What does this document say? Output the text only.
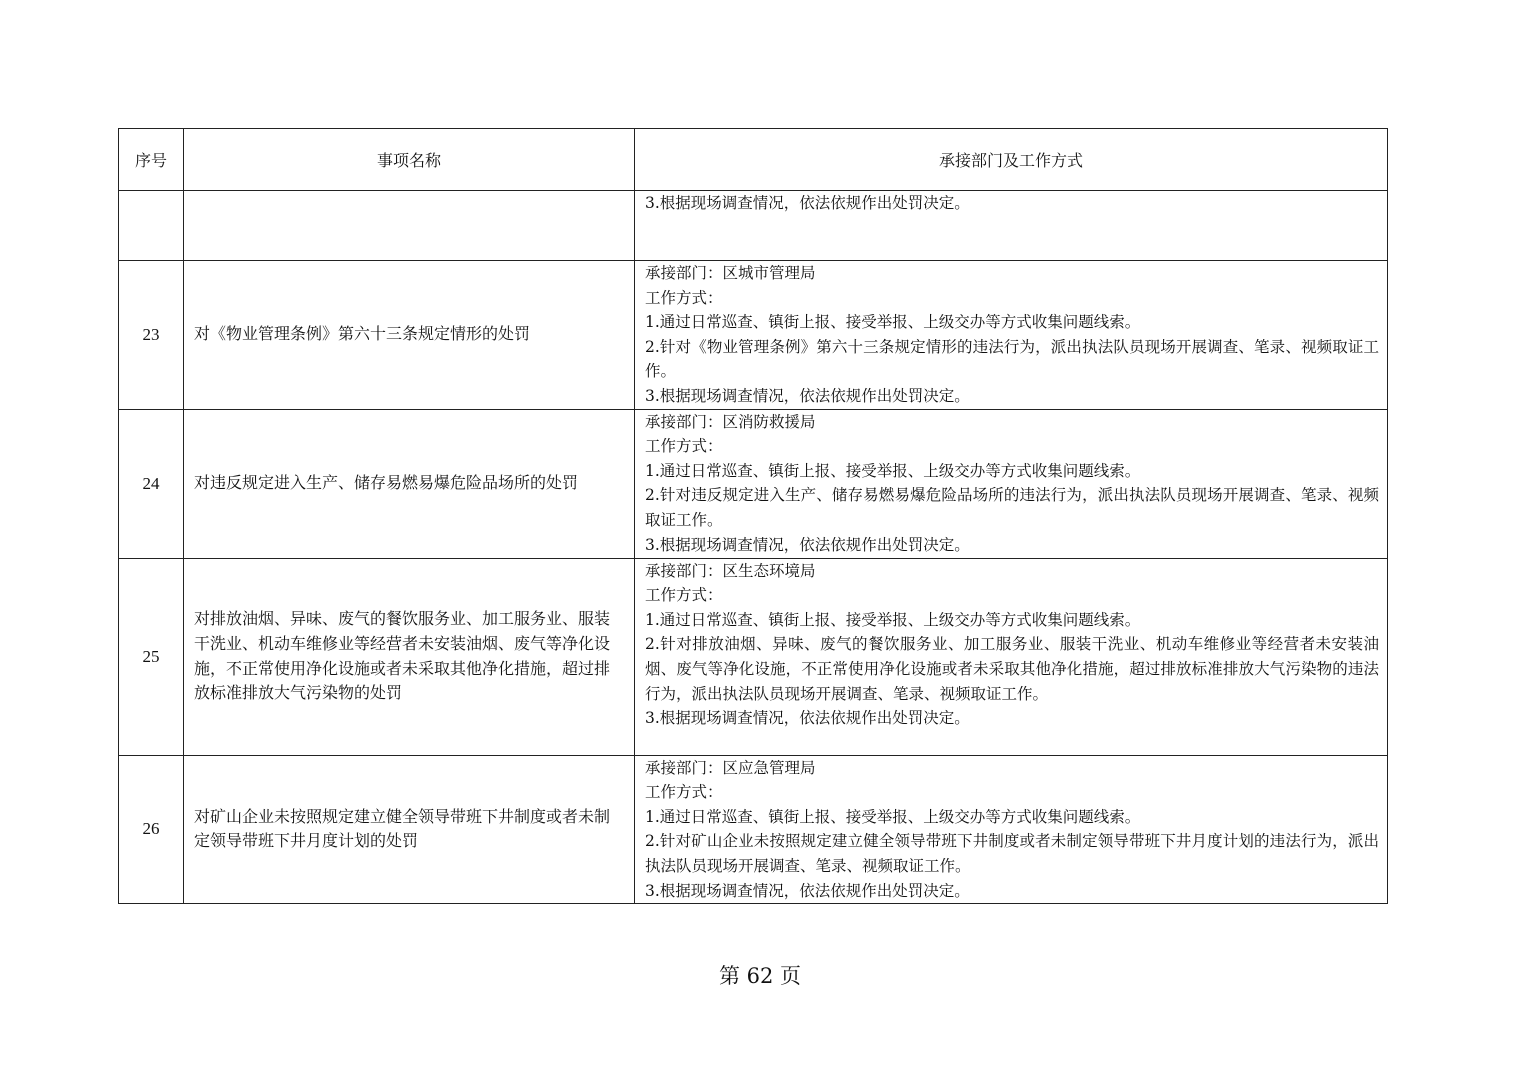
序号	事项名称	承接部门及工作方式

		3.根据现场调查情况，依法依规作出处罚决定。

23	对《物业管理条例》第六十三条规定情形的处罚	承接部门：区城市管理局
工作方式：
1.通过日常巡查、镇街上报、接受举报、上级交办等方式收集问题线索。
2.针对《物业管理条例》第六十三条规定情形的违法行为，派出执法队员现场开展调查、笔录、视频取证工作。
3.根据现场调查情况，依法依规作出处罚决定。

24	对违反规定进入生产、储存易燃易爆危险品场所的处罚	承接部门：区消防救援局
工作方式：
1.通过日常巡查、镇街上报、接受举报、上级交办等方式收集问题线索。
2.针对违反规定进入生产、储存易燃易爆危险品场所的违法行为，派出执法队员现场开展调查、笔录、视频取证工作。
3.根据现场调查情况，依法依规作出处罚决定。

25	对排放油烟、异味、废气的餐饮服务业、加工服务业、服装干洗业、机动车维修业等经营者未安装油烟、废气等净化设施，不正常使用净化设施或者未采取其他净化措施，超过排放标准排放大气污染物的处罚	承接部门：区生态环境局
工作方式：
1.通过日常巡查、镇街上报、接受举报、上级交办等方式收集问题线索。
2.针对排放油烟、异味、废气的餐饮服务业、加工服务业、服装干洗业、机动车维修业等经营者未安装油烟、废气等净化设施，不正常使用净化设施或者未采取其他净化措施，超过排放标准排放大气污染物的违法行为，派出执法队员现场开展调查、笔录、视频取证工作。
3.根据现场调查情况，依法依规作出处罚决定。

26	对矿山企业未按照规定建立健全领导带班下井制度或者未制定领导带班下井月度计划的处罚	承接部门：区应急管理局
工作方式：
1.通过日常巡查、镇街上报、接受举报、上级交办等方式收集问题线索。
2.针对矿山企业未按照规定建立健全领导带班下井制度或者未制定领导带班下井月度计划的违法行为，派出执法队员现场开展调查、笔录、视频取证工作。
3.根据现场调查情况，依法依规作出处罚决定。
第 62 页
